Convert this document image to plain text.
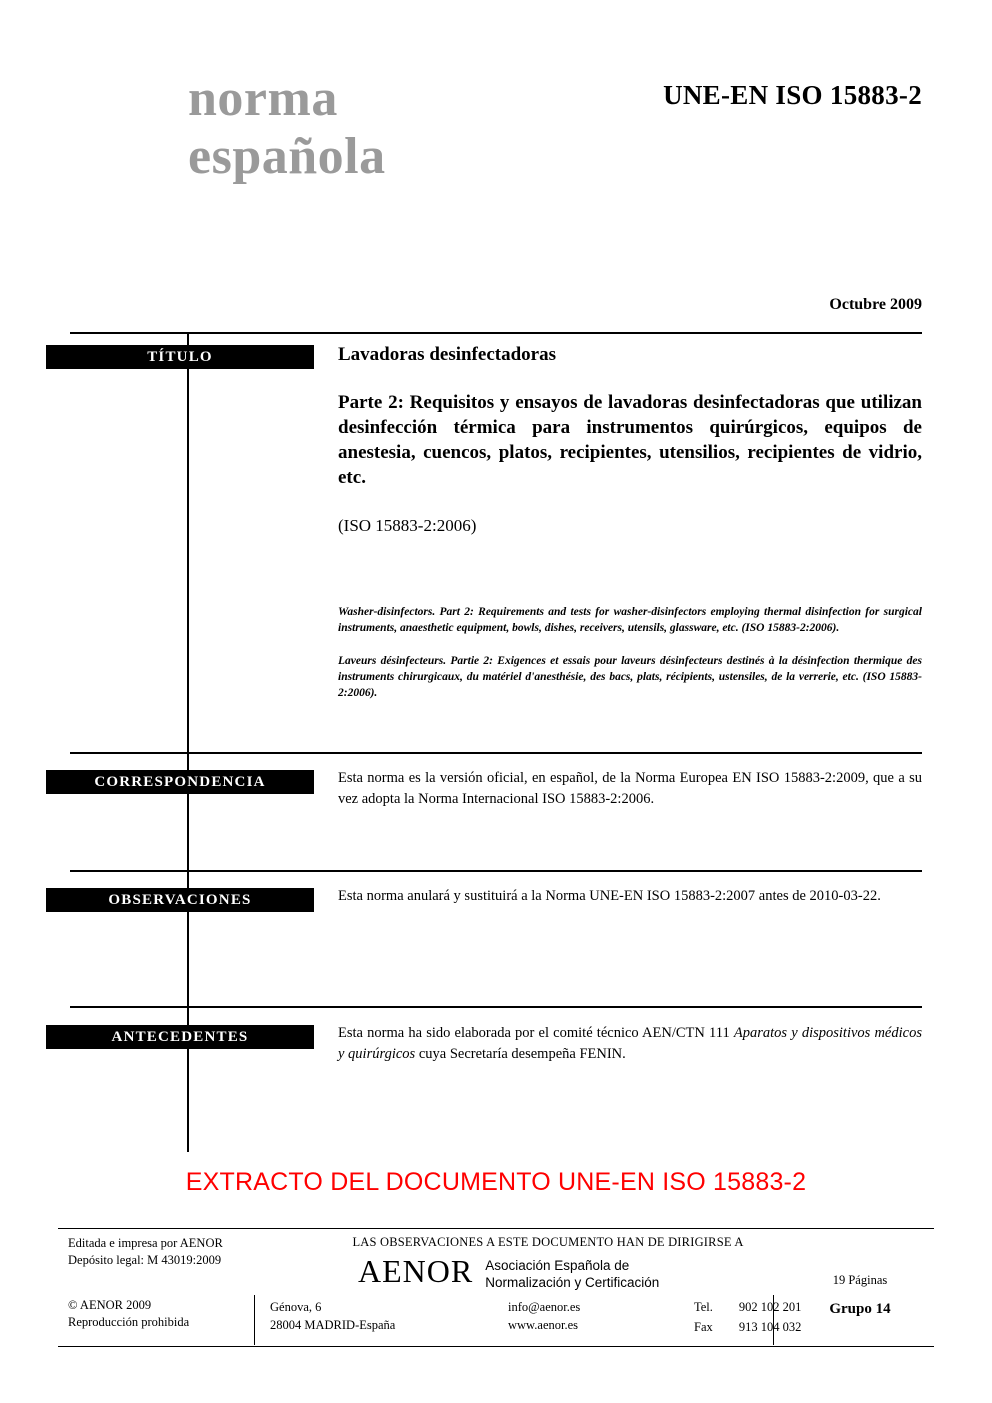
norma
española
UNE-EN ISO 15883-2
Octubre 2009
TÍTULO	Lavadoras desinfectadoras
Parte 2: Requisitos y ensayos de lavadoras desinfectadoras que utilizan desinfección térmica para instrumentos quirúrgicos, equipos de anestesia, cuencos, platos, recipientes, utensilios, recipientes de vidrio, etc.
(ISO 15883-2:2006)
Washer-disinfectors. Part 2: Requirements and tests for washer-disinfectors employing thermal disinfection for surgical instruments, anaesthetic equipment, bowls, dishes, receivers, utensils, glassware, etc. (ISO 15883-2:2006).
Laveurs désinfecteurs. Partie 2: Exigences et essais pour laveurs désinfecteurs destinés à la désinfection thermique des instruments chirurgicaux, du matériel d'anesthésie, des bacs, plats, récipients, ustensiles, de la verrerie, etc. (ISO 15883-2:2006).
CORRESPONDENCIA	Esta norma es la versión oficial, en español, de la Norma Europea EN ISO 15883-2:2009, que a su vez adopta la Norma Internacional ISO 15883-2:2006.
OBSERVACIONES	Esta norma anulará y sustituirá a la Norma UNE-EN ISO 15883-2:2007 antes de 2010-03-22.
ANTECEDENTES	Esta norma ha sido elaborada por el comité técnico AEN/CTN 111 Aparatos y dispositivos médicos y quirúrgicos cuya Secretaría desempeña FENIN.
EXTRACTO DEL DOCUMENTO UNE-EN ISO 15883-2
Editada e impresa por AENOR
Depósito legal: M 43019:2009
© AENOR 2009
Reproducción prohibida
LAS OBSERVACIONES A ESTE DOCUMENTO HAN DE DIRIGIRSE A
AENOR Asociación Española de
Normalización y Certificación
Génova, 6
28004 MADRID-España
info@aenor.es
www.aenor.es
Tel.	902 102 201
Fax	913 104 032
19 Páginas
Grupo 14
